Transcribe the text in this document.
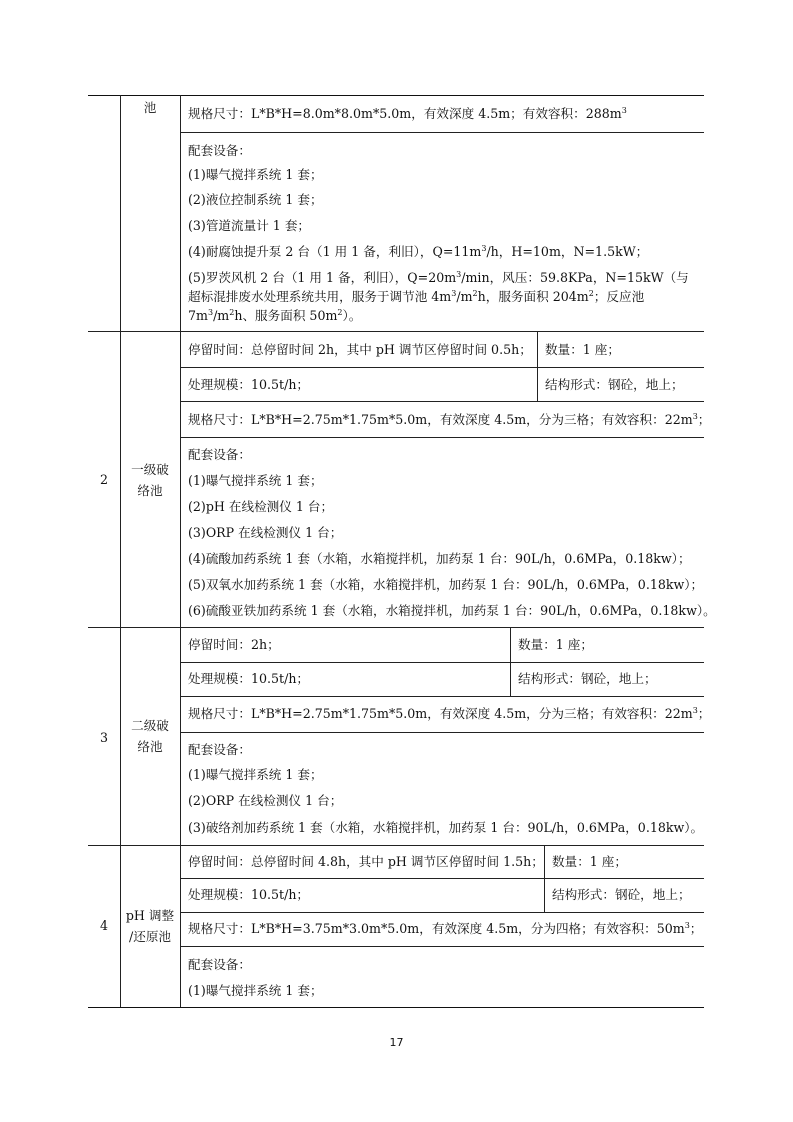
池	规格尺寸：L*B*H=8.0m*8.0m*5.0m，有效深度 4.5m；有效容积：$288m^3$
配套设备：
(1)曝气搅拌系统 1 套；
(2)液位控制系统 1 套；
(3)管道流量计 1 套；
(4)耐腐蚀提升泵 2 台（1 用 1 备，利旧），$Q=11m^3/h$，H=10m，N=1.5kW；
(5)罗茨风机 2 台（1 用 1 备，利旧），$Q=20m^3/\min$，风压：59.8KPa，N=15kW（与
超标混排废水处理系统共用，服务于调节池 $4m^3/m^2h$，服务面积 $204m^2$；反应池
$7m^3/m^2h$、服务面积 $50m^2$）。
2
一级破
络池
停留时间：总停留时间 2h，其中 pH 调节区停留时间 0.5h； 数量：1 座；
处理规模：10.5t/h；	结构形式：钢砼，地上；
规格尺寸：L*B*H=2.75m*1.75m*5.0m，有效深度 4.5m，分为三格；有效容积：$22m^3$；
配套设备：
(1)曝气搅拌系统 1 套；
(2)pH 在线检测仪 1 台；
(3)ORP 在线检测仪 1 台；
(4)硫酸加药系统 1 套（水箱，水箱搅拌机，加药泵 1 台：90L/h，0.6MPa，0.18kw）；
(5)双氧水加药系统 1 套（水箱，水箱搅拌机，加药泵 1 台：90L/h，0.6MPa，0.18kw）；
(6)硫酸亚铁加药系统 1 套（水箱，水箱搅拌机，加药泵 1 台：90L/h，0.6MPa，0.18kw）。
3
二级破
络池
停留时间：2h；	数量：1 座；
处理规模：10.5t/h；	结构形式：钢砼，地上；
规格尺寸：L*B*H=2.75m*1.75m*5.0m，有效深度 4.5m，分为三格；有效容积：$22m^3$；
配套设备：
(1)曝气搅拌系统 1 套；
(2)ORP 在线检测仪 1 台；
(3)破络剂加药系统 1 套（水箱，水箱搅拌机，加药泵 1 台：90L/h，0.6MPa，0.18kw）。
4
pH 调整
/还原池
停留时间：总停留时间 4.8h，其中 pH 调节区停留时间 1.5h； 数量：1 座；
处理规模：10.5t/h；	结构形式：钢砼，地上；
规格尺寸：L*B*H=3.75m*3.0m*5.0m，有效深度 4.5m，分为四格；有效容积：$50m^3$；
配套设备：
(1)曝气搅拌系统 1 套；
17
